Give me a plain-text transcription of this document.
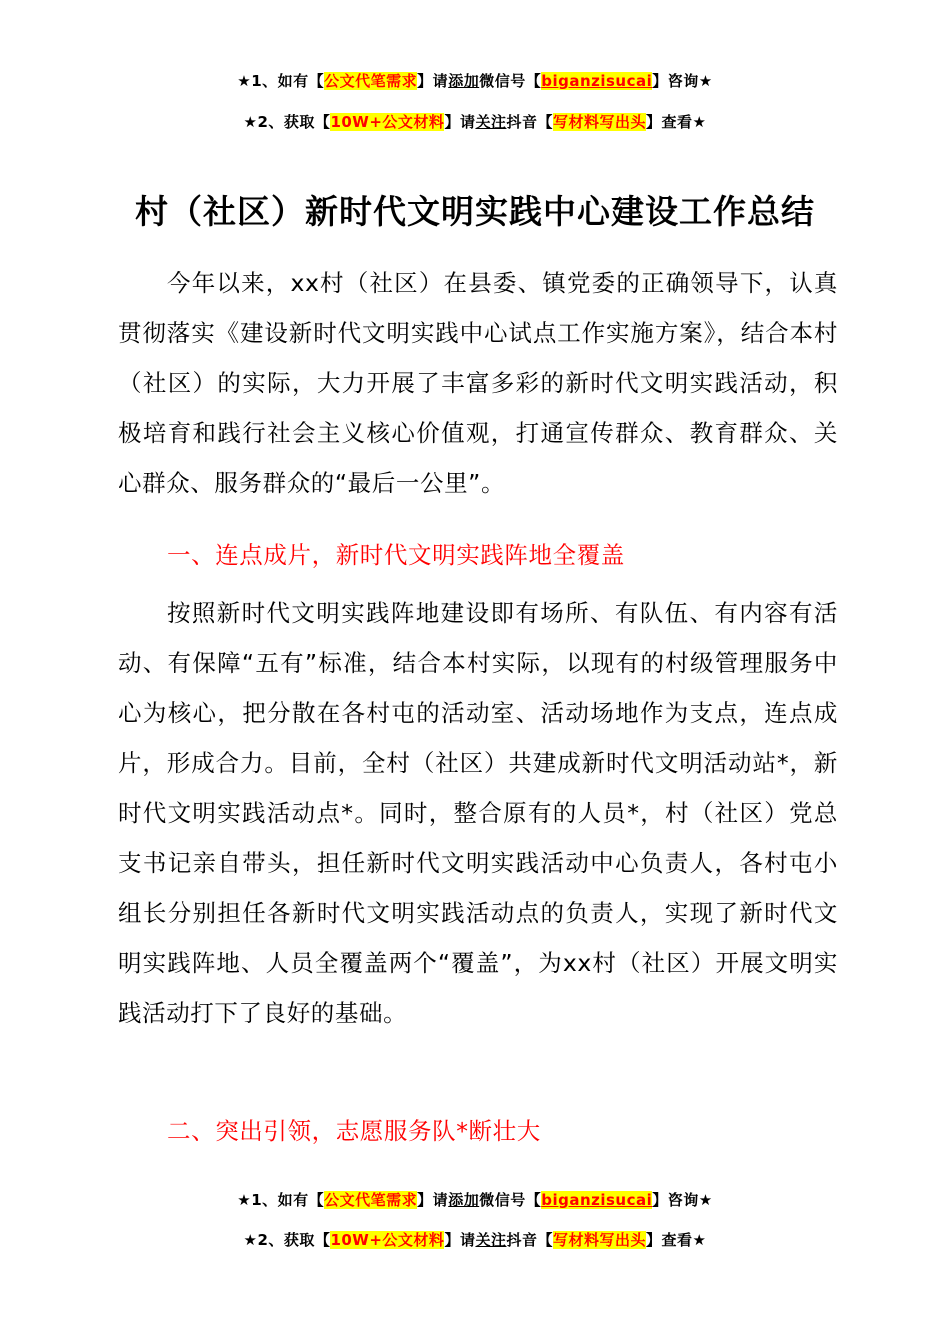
★1、如有【公文代笔需求】请添加微信号【biganzisucai】咨询★
★2、获取【10W+公文材料】请关注抖音【写材料写出头】查看★
村（社区）新时代文明实践中心建设工作总结

今年以来，xx村（社区）在县委、镇党委的正确领导下，认真贯彻落实《建设新时代文明实践中心试点工作实施方案》，结合本村（社区）的实际，大力开展了丰富多彩的新时代文明实践活动，积极培育和践行社会主义核心价值观，打通宣传群众、教育群众、关心群众、服务群众的“最后一公里”。

一、连点成片，新时代文明实践阵地全覆盖

按照新时代文明实践阵地建设即有场所、有队伍、有内容有活动、有保障“五有”标准，结合本村实际，以现有的村级管理服务中心为核心，把分散在各村屯的活动室、活动场地作为支点，连点成片，形成合力。目前，全村（社区）共建成新时代文明活动站*，新时代文明实践活动点*。同时，整合原有的人员*，村（社区）党总支书记亲自带头，担任新时代文明实践活动中心负责人，各村屯小组长分别担任各新时代文明实践活动点的负责人，实现了新时代文明实践阵地、人员全覆盖两个“覆盖”，为xx村（社区）开展文明实践活动打下了良好的基础。

二、突出引领，志愿服务队*断壮大

★1、如有【公文代笔需求】请添加微信号【biganzisucai】咨询★
★2、获取【10W+公文材料】请关注抖音【写材料写出头】查看★
